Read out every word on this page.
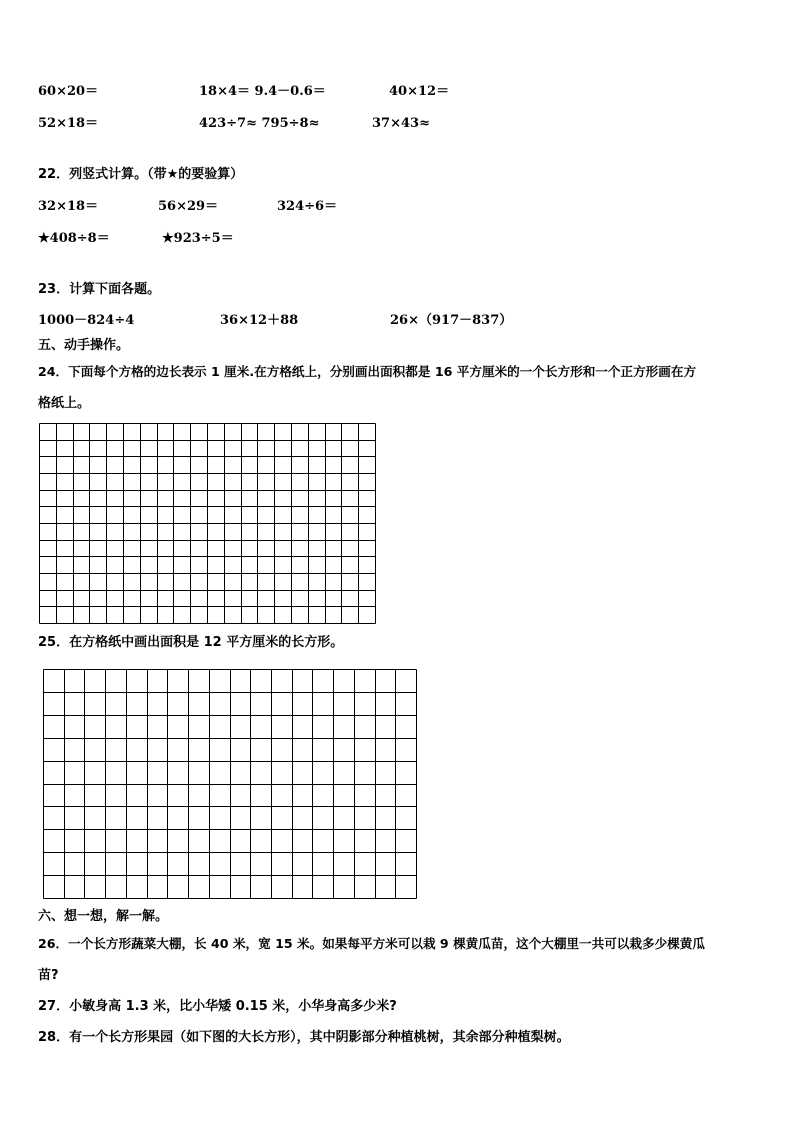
60×20＝	18×4＝ 9.4－0.6＝	40×12＝
52×18＝	423÷7≈ 795÷8≈	37×43≈
22．列竖式计算。（带★的要验算）
32×18＝	56×29＝	324÷6＝
★408÷8＝	★923÷5＝
23．计算下面各题。
1000－824÷4	36×12＋88	26×（917－837）
五、动手操作。
24．下面每个方格的边长表示 1 厘米.在方格纸上，分别画出面积都是 16 平方厘米的一个长方形和一个正方形画在方
格纸上。
25．在方格纸中画出面积是 12 平方厘米的长方形。
六、想一想，解一解。
26．一个长方形蔬菜大棚，长 40 米，宽 15 米。如果每平方米可以栽 9 棵黄瓜苗，这个大棚里一共可以栽多少棵黄瓜
苗?
27．小敏身高 1.3 米，比小华矮 0.15 米，小华身高多少米?
28．有一个长方形果园（如下图的大长方形），其中阴影部分种植桃树，其余部分种植梨树。
